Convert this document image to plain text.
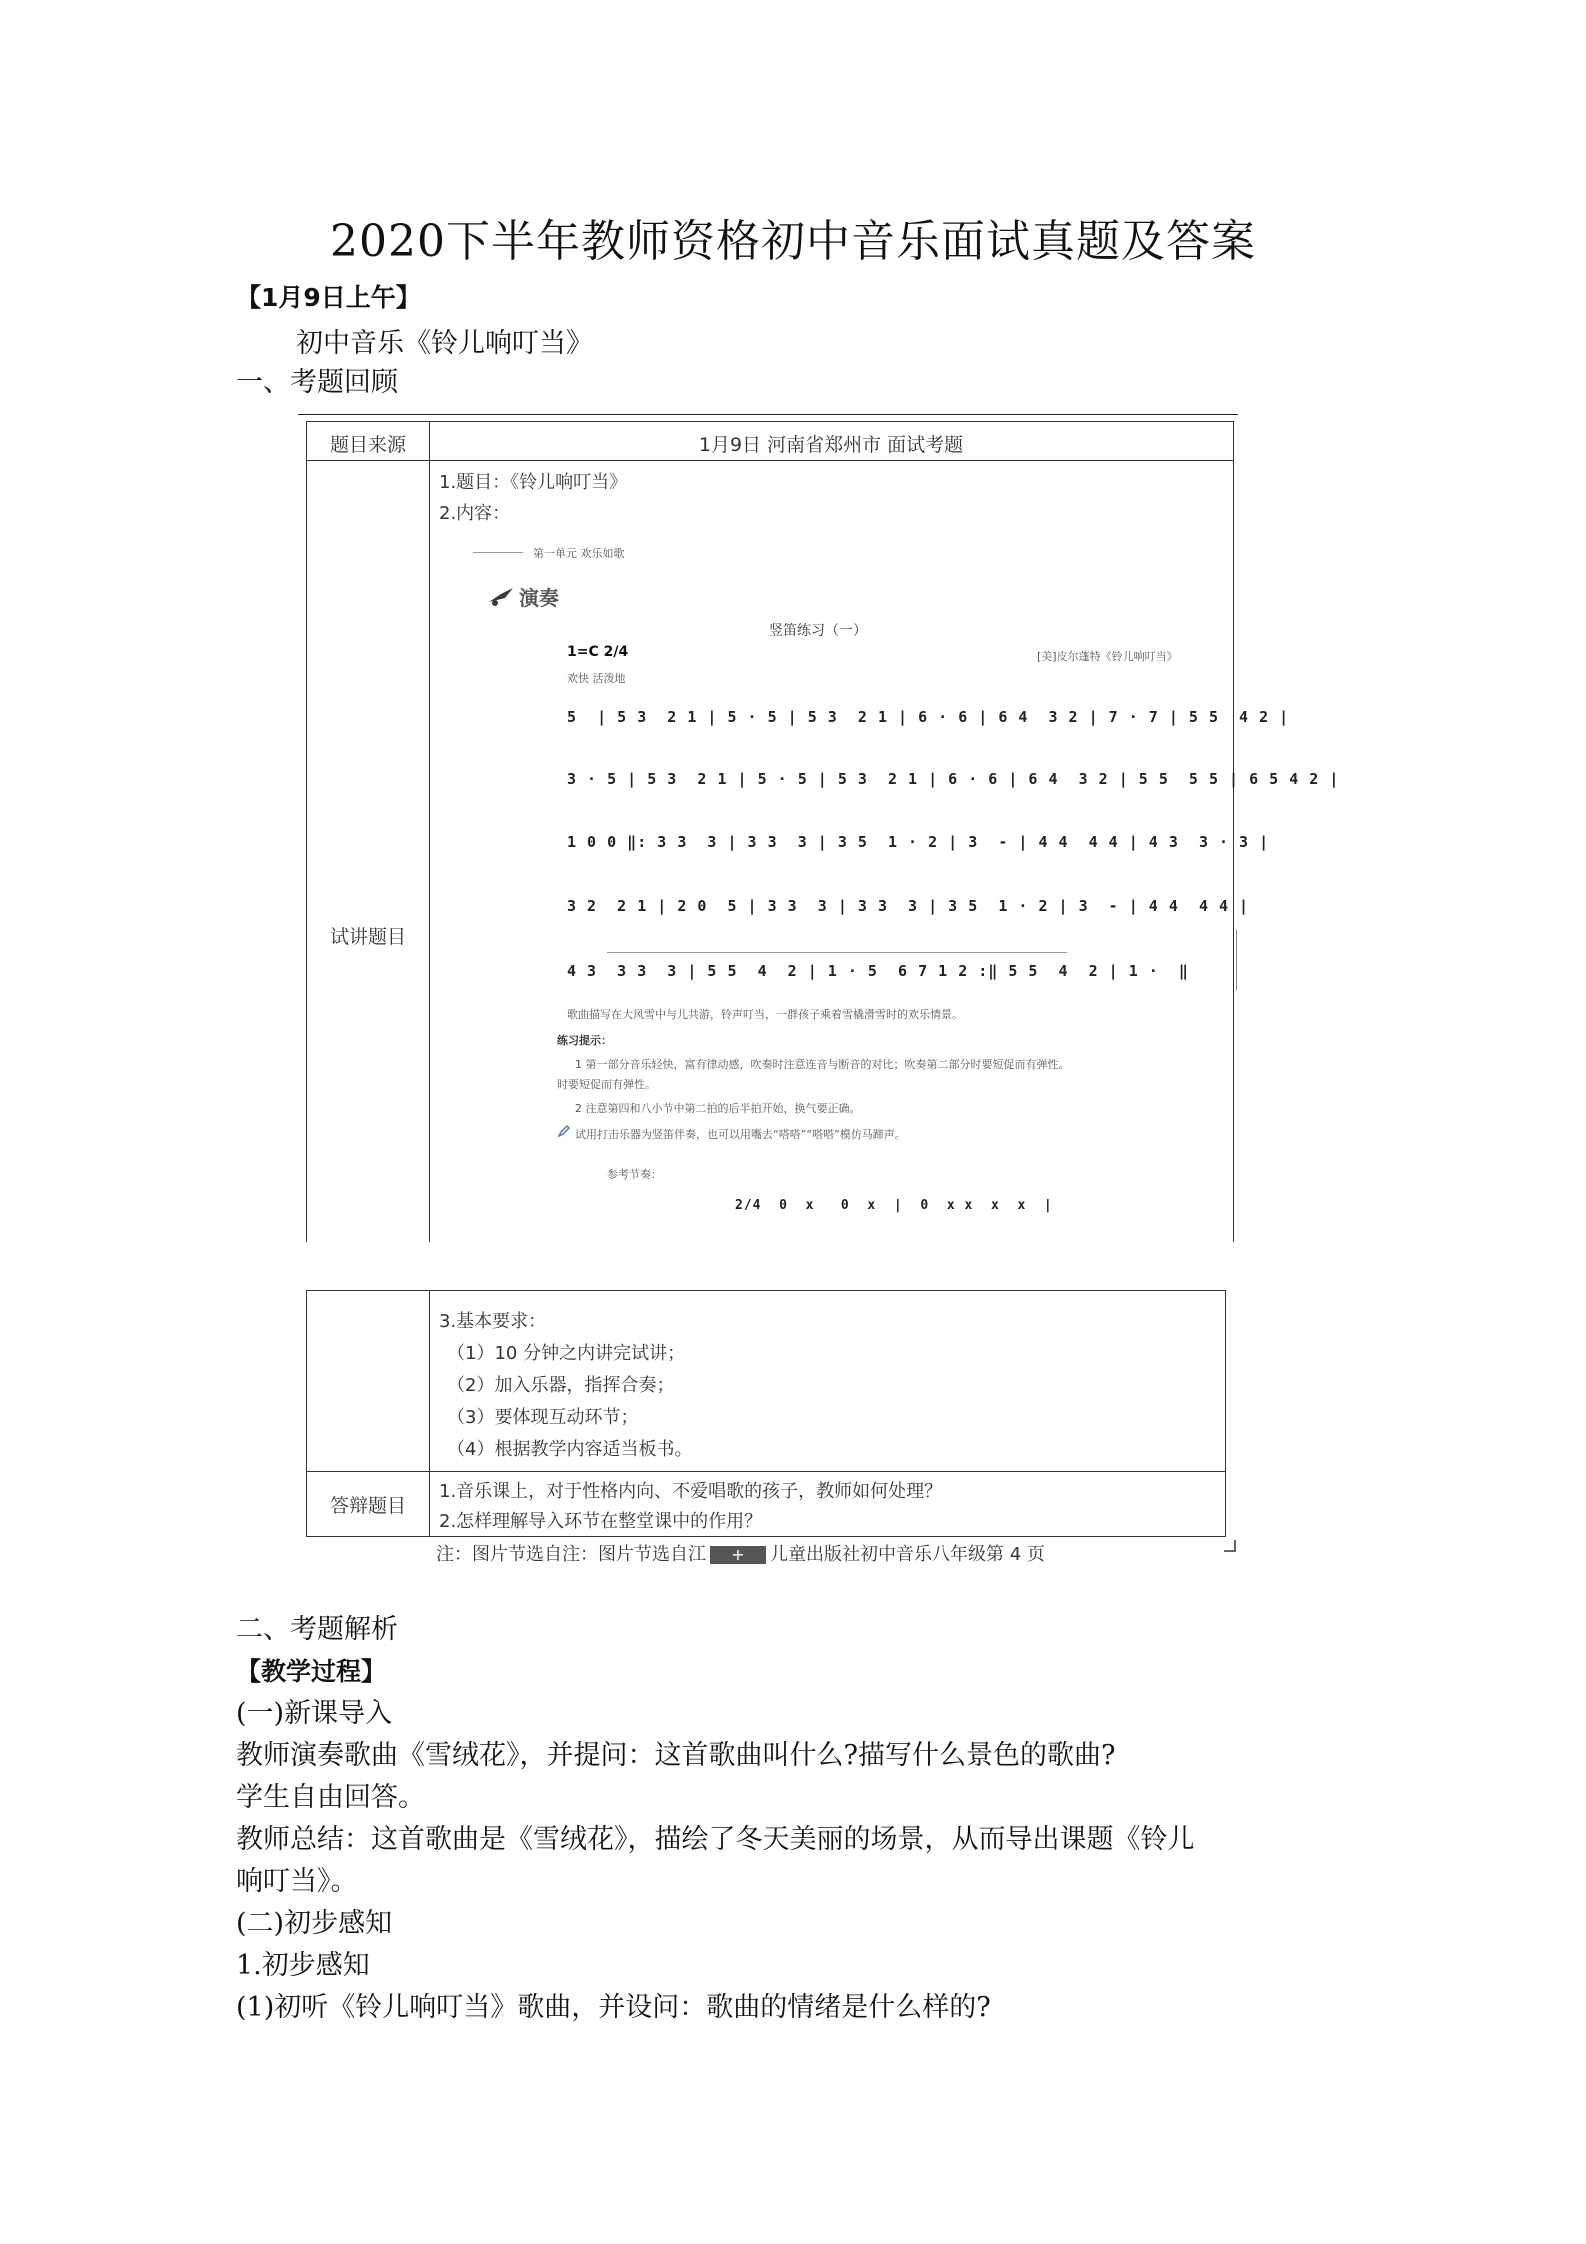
2020下半年教师资格初中音乐面试真题及答案
【1月9日上午】
初中音乐《铃儿响叮当》
一、考题回顾
题目来源	1月9日 河南省郑州市 面试考题
试讲题目
1.题目：《铃儿响叮当》
2.内容：
第一单元 欢乐如歌
演奏
竖笛练习（一）
1=C 2/4	[美]皮尔蓬特《铃儿响叮当》
欢快 活泼地
5  | 5 3  2 1 | 5 · 5 | 5 3  2 1 | 6 · 6 | 6 4  3 2 | 7 · 7 | 5 5  4 2 |
3 · 5 | 5 3  2 1 | 5 · 5 | 5 3  2 1 | 6 · 6 | 6 4  3 2 | 5 5  5 5 | 6 5 4 2 |
1 0 0 ‖: 3 3  3 | 3 3  3 | 3 5  1 · 2 | 3  - | 4 4  4 4 | 4 3  3 · 3 |
3 2  2 1 | 2 0  5 | 3 3  3 | 3 3  3 | 3 5  1 · 2 | 3  - | 4 4  4 4 |
4 3  3 3  3 | 5 5  4  2 | 1 · 5  6 7 1 2 :‖ 5 5  4  2 | 1 ·  ‖
歌曲描写在大风雪中与儿共游，铃声叮当，一群孩子乘着雪橇滑雪时的欢乐情景。
练习提示：
1 第一部分音乐轻快，富有律动感，吹奏时注意连音与断音的对比；吹奏第二部分时要短促而有弹性。
时要短促而有弹性。
2 注意第四和八小节中第二拍的后半拍开始，换气要正确。
试用打击乐器为竖笛伴奏，也可以用嘴去“嗒嗒”“嗒嗒”模仿马蹄声。
参考节奏：
2/4  0  x   0  x  |  0  x x  x  x  |
3.基本要求：
（1）10 分钟之内讲完试讲；
（2）加入乐器，指挥合奏；
（3）要体现互动环节；
（4）根据教学内容适当板书。
答辩题目
1.音乐课上，对于性格内向、不爱唱歌的孩子，教师如何处理？
2.怎样理解导入环节在整堂课中的作用？
注：图片节选自注：图片节选自江 + 儿童出版社初中音乐八年级第 4 页
二、考题解析
【教学过程】
(一)新课导入
教师演奏歌曲《雪绒花》，并提问：这首歌曲叫什么?描写什么景色的歌曲?
学生自由回答。
教师总结：这首歌曲是《雪绒花》，描绘了冬天美丽的场景，从而导出课题《铃儿
响叮当》。
(二)初步感知
1.初步感知
(1)初听《铃儿响叮当》歌曲，并设问：歌曲的情绪是什么样的?
